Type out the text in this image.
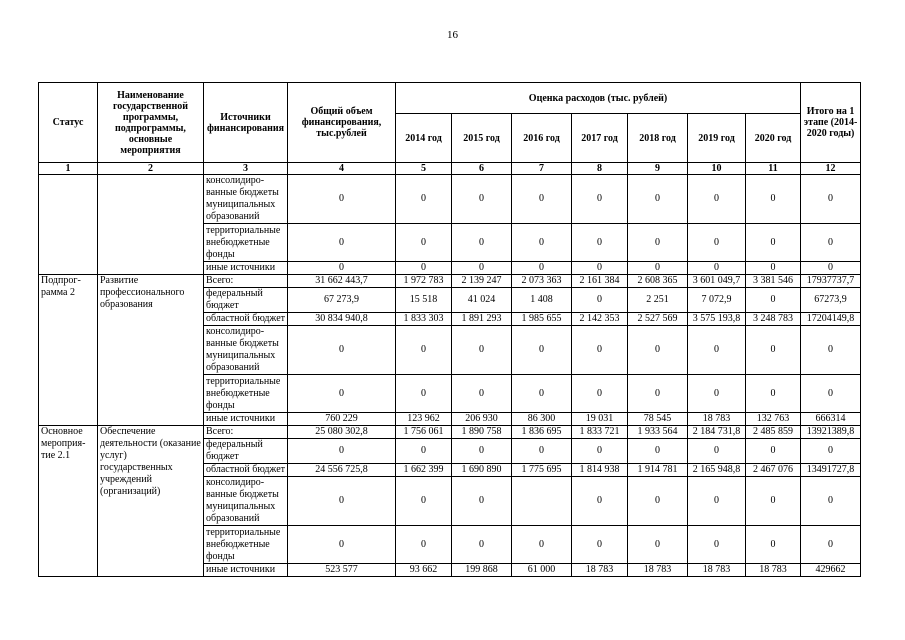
16
Статус	Наименование государственной программы, подпрограммы, основные мероприятия	Источники финансирования	Общий объем финансирования, тыс.рублей	Оценка расходов (тыс. рублей)							Итого на 1 этапе (2014-2020 годы)
				2014 год	2015 год	2016 год	2017 год	2018 год	2019 год	2020 год	
1	2	3	4	5	6	7	8	9	10	11	12
		консолидиро-ванные бюджеты муниципальных образований	0	0	0	0	0	0	0	0	0
		территориальные внебюджетные фонды	0	0	0	0	0	0	0	0	0
		иные источники	0	0	0	0	0	0	0	0	0
Подпрог-рамма 2	Развитие профессионального образования	Всего:	31 662 443,7	1 972 783	2 139 247	2 073 363	2 161 384	2 608 365	3 601 049,7	3 381 546	17937737,7
		федеральный бюджет	67 273,9	15 518	41 024	1 408	0	2 251	7 072,9	0	67273,9
		областной бюджет	30 834 940,8	1 833 303	1 891 293	1 985 655	2 142 353	2 527 569	3 575 193,8	3 248 783	17204149,8
		консолидиро-ванные бюджеты муниципальных образований	0	0	0	0	0	0	0	0	0
		территориальные внебюджетные фонды	0	0	0	0	0	0	0	0	0
		иные источники	760 229	123 962	206 930	86 300	19 031	78 545	18 783	132 763	666314
Основное мероприя-тие 2.1	Обеспечение деятельности (оказание услуг) государственных учреждений (организаций)	Всего:	25 080 302,8	1 756 061	1 890 758	1 836 695	1 833 721	1 933 564	2 184 731,8	2 485 859	13921389,8
		федеральный бюджет	0	0	0	0	0	0	0	0	0
		областной бюджет	24 556 725,8	1 662 399	1 690 890	1 775 695	1 814 938	1 914 781	2 165 948,8	2 467 076	13491727,8
		консолидиро-ванные бюджеты муниципальных образований	0	0	0		0	0	0	0	0
		территориальные внебюджетные фонды	0	0	0	0	0	0	0	0	0
		иные источники	523 577	93 662	199 868	61 000	18 783	18 783	18 783	18 783	429662
